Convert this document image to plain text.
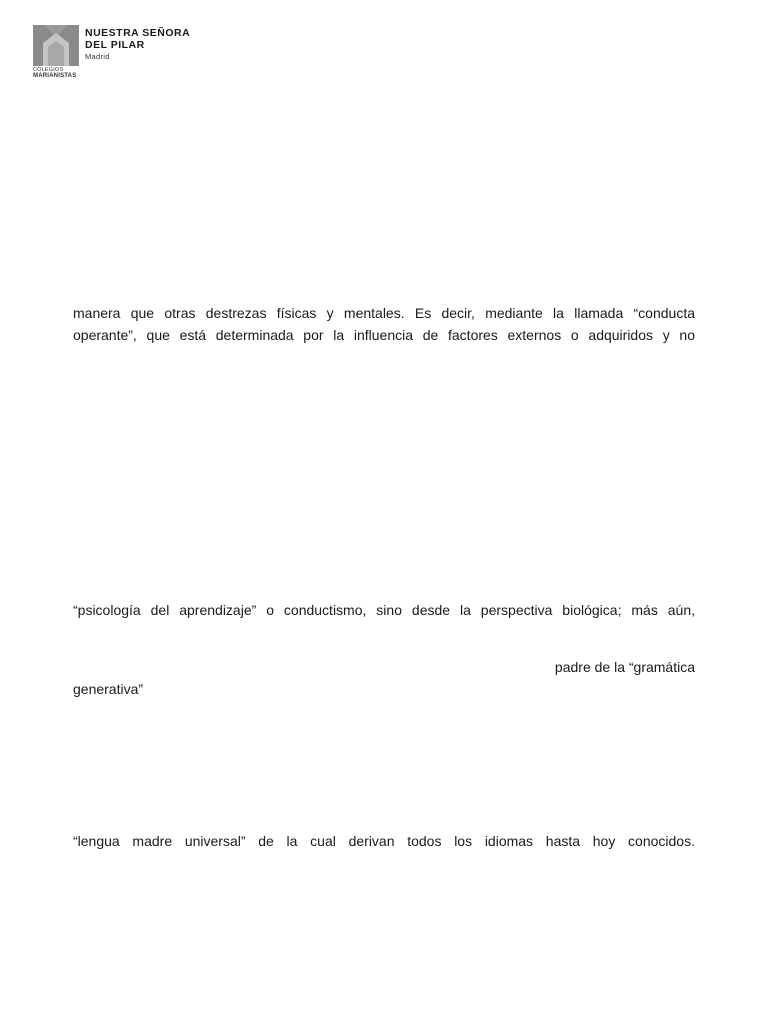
COLEGIOS
MARIANISTAS
NUESTRA SEÑORA
DEL PILAR
Madrid

manera que otras destrezas físicas y mentales. Es decir, mediante la llamada “conducta

operante”, que está determinada por la influencia de factores externos o adquiridos y no

“psicología del aprendizaje” o conductismo, sino desde la perspectiva biológica; más aún,

padre de la “gramática

generativa”

“lengua madre universal” de la cual derivan todos los idiomas hasta hoy conocidos.
